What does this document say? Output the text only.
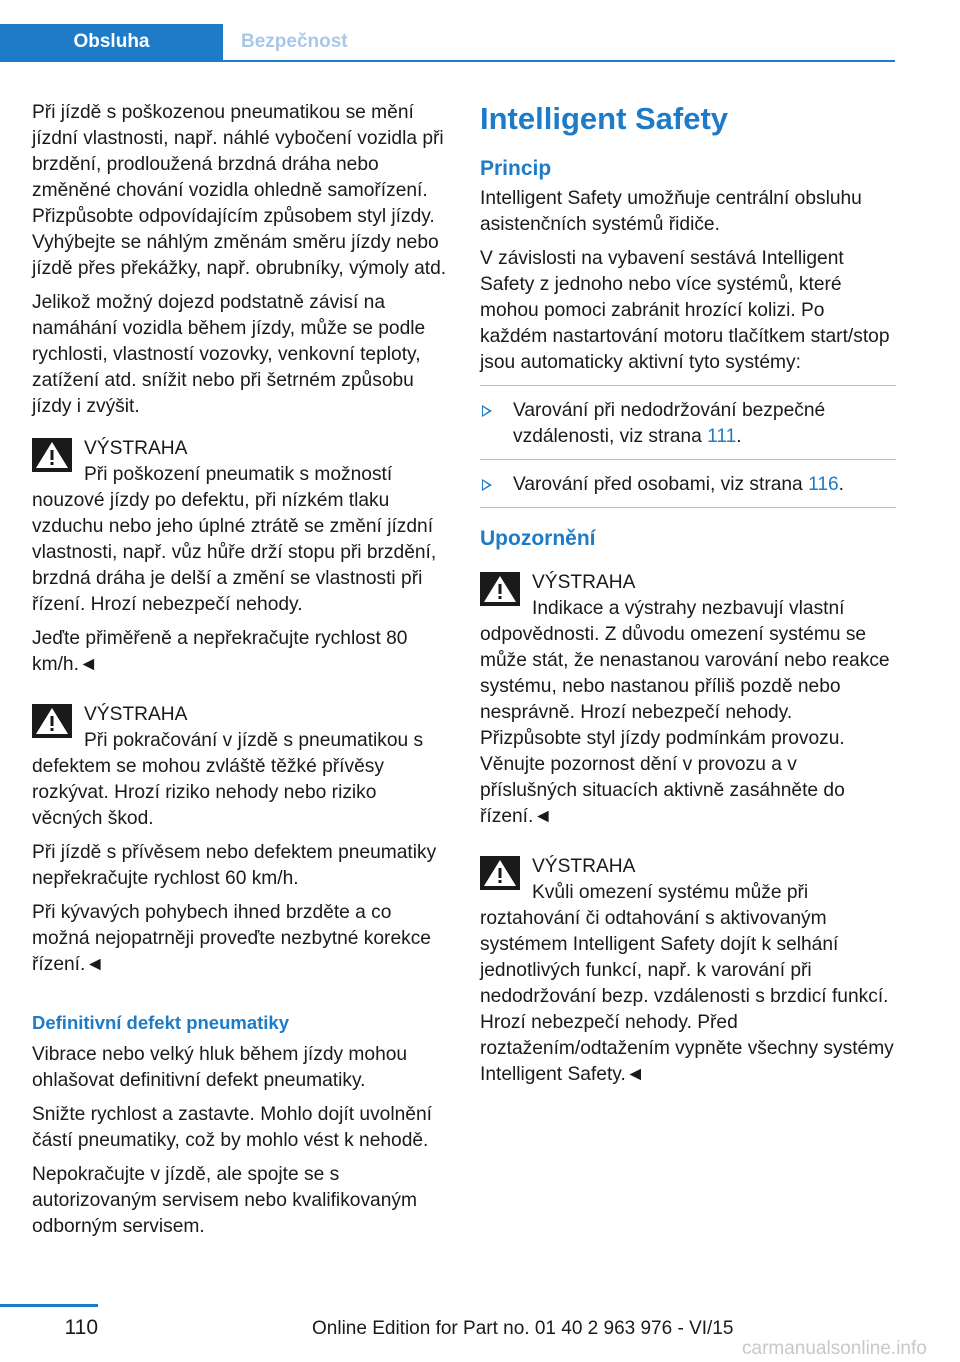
Obsluha	Bezpečnost

Při jízdě s poškozenou pneumatikou se mění jízdní vlastnosti, např. náhlé vybočení vozidla při brzdění, prodloužená brzdná dráha nebo změněné chování vozidla ohledně samořízení. Přizpůsobte odpovídajícím způsobem styl jízdy. Vyhýbejte se náhlým změnám směru jízdy nebo jízdě přes překážky, např. obrubníky, výmoly atd.

Jelikož možný dojezd podstatně závisí na namáhání vozidla během jízdy, může se podle rychlosti, vlastností vozovky, venkovní teploty, zatížení atd. snížit nebo při šetrném způsobu jízdy i zvýšit.

VÝSTRAHA

Při poškození pneumatik s možností nouzové jízdy po defektu, při nízkém tlaku vzduchu nebo jeho úplné ztrátě se změní jízdní vlastnosti, např. vůz hůře drží stopu při brzdění, brzdná dráha je delší a změní se vlastnosti při řízení. Hrozí nebezpečí nehody.

Jeďte přiměřeně a nepřekračujte rychlost 80 km/h.◄

VÝSTRAHA

Při pokračování v jízdě s pneumatikou s defektem se mohou zvláště těžké přívěsy rozkývat. Hrozí riziko nehody nebo riziko věcných škod.

Při jízdě s přívěsem nebo defektem pneumatiky nepřekračujte rychlost 60 km/h.

Při kývavých pohybech ihned brzděte a co možná nejopatrněji proveďte nezbytné korekce řízení.◄

Definitivní defekt pneumatiky

Vibrace nebo velký hluk během jízdy mohou ohlašovat definitivní defekt pneumatiky.

Snižte rychlost a zastavte. Mohlo dojít uvolnění částí pneumatiky, což by mohlo vést k nehodě.

Nepokračujte v jízdě, ale spojte se s autorizovaným servisem nebo kvalifikovaným odborným servisem.

Intelligent Safety
Princip

Intelligent Safety umožňuje centrální obsluhu asistenčních systémů řidiče.

V závislosti na vybavení sestává Intelligent Safety z jednoho nebo více systémů, které mohou pomoci zabránit hrozící kolizi. Po každém nastartování motoru tlačítkem start/stop jsou automaticky aktivní tyto systémy:

Varování při nedodržování bezpečné vzdálenosti, viz strana 111.
Varování před osobami, viz strana 116.
Upozornění
VÝSTRAHA

Indikace a výstrahy nezbavují vlastní odpovědnosti. Z důvodu omezení systému se může stát, že nenastanou varování nebo reakce systému, nebo nastanou příliš pozdě nebo nesprávně. Hrozí nebezpečí nehody. Přizpůsobte styl jízdy podmínkám provozu. Věnujte pozornost dění v provozu a v příslušných situacích aktivně zasáhněte do řízení.◄

VÝSTRAHA

Kvůli omezení systému může při roztahování či odtahování s aktivovaným systémem Intelligent Safety dojít k selhání jednotlivých funkcí, např. k varování při nedodržování bezp. vzdálenosti s brzdicí funkcí. Hrozí nebezpečí nehody. Před roztažením/odtažením vypněte všechny systémy Intelligent Safety.◄

110	Online Edition for Part no. 01 40 2 963 976 - VI/15
carmanualsonline.info
